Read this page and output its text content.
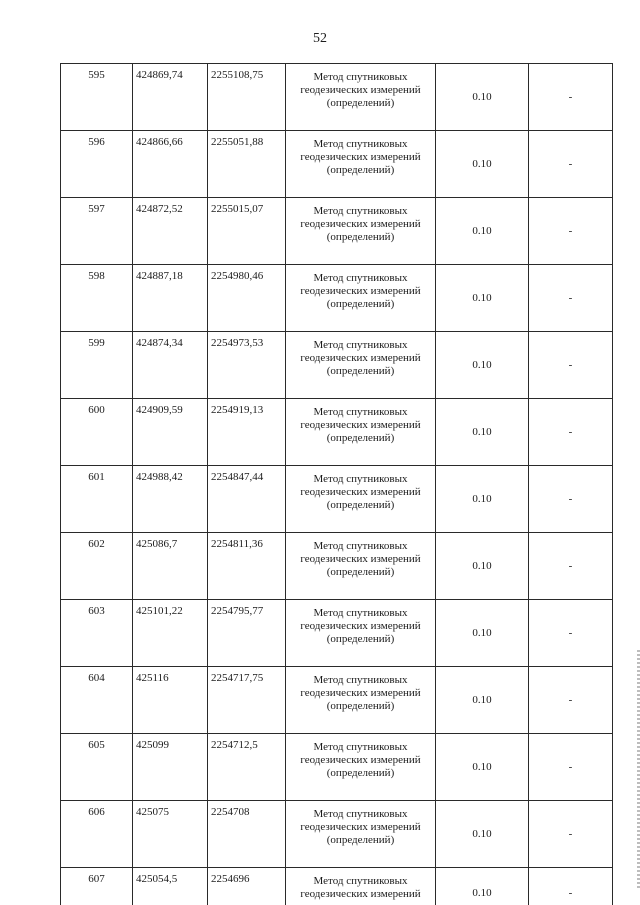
52
595	424869,74	2255108,75	Метод спутниковых
геодезических измерений
(определений)	0.10	-
596	424866,66	2255051,88	Метод спутниковых
геодезических измерений
(определений)	0.10	-
597	424872,52	2255015,07	Метод спутниковых
геодезических измерений
(определений)	0.10	-
598	424887,18	2254980,46	Метод спутниковых
геодезических измерений
(определений)	0.10	-
599	424874,34	2254973,53	Метод спутниковых
геодезических измерений
(определений)	0.10	-
600	424909,59	2254919,13	Метод спутниковых
геодезических измерений
(определений)	0.10	-
601	424988,42	2254847,44	Метод спутниковых
геодезических измерений
(определений)	0.10	-
602	425086,7	2254811,36	Метод спутниковых
геодезических измерений
(определений)	0.10	-
603	425101,22	2254795,77	Метод спутниковых
геодезических измерений
(определений)	0.10	-
604	425116	2254717,75	Метод спутниковых
геодезических измерений
(определений)	0.10	-
605	425099	2254712,5	Метод спутниковых
геодезических измерений
(определений)	0.10	-
606	425075	2254708	Метод спутниковых
геодезических измерений
(определений)	0.10	-
607	425054,5	2254696	Метод спутниковых
геодезических измерений	0.10	-
